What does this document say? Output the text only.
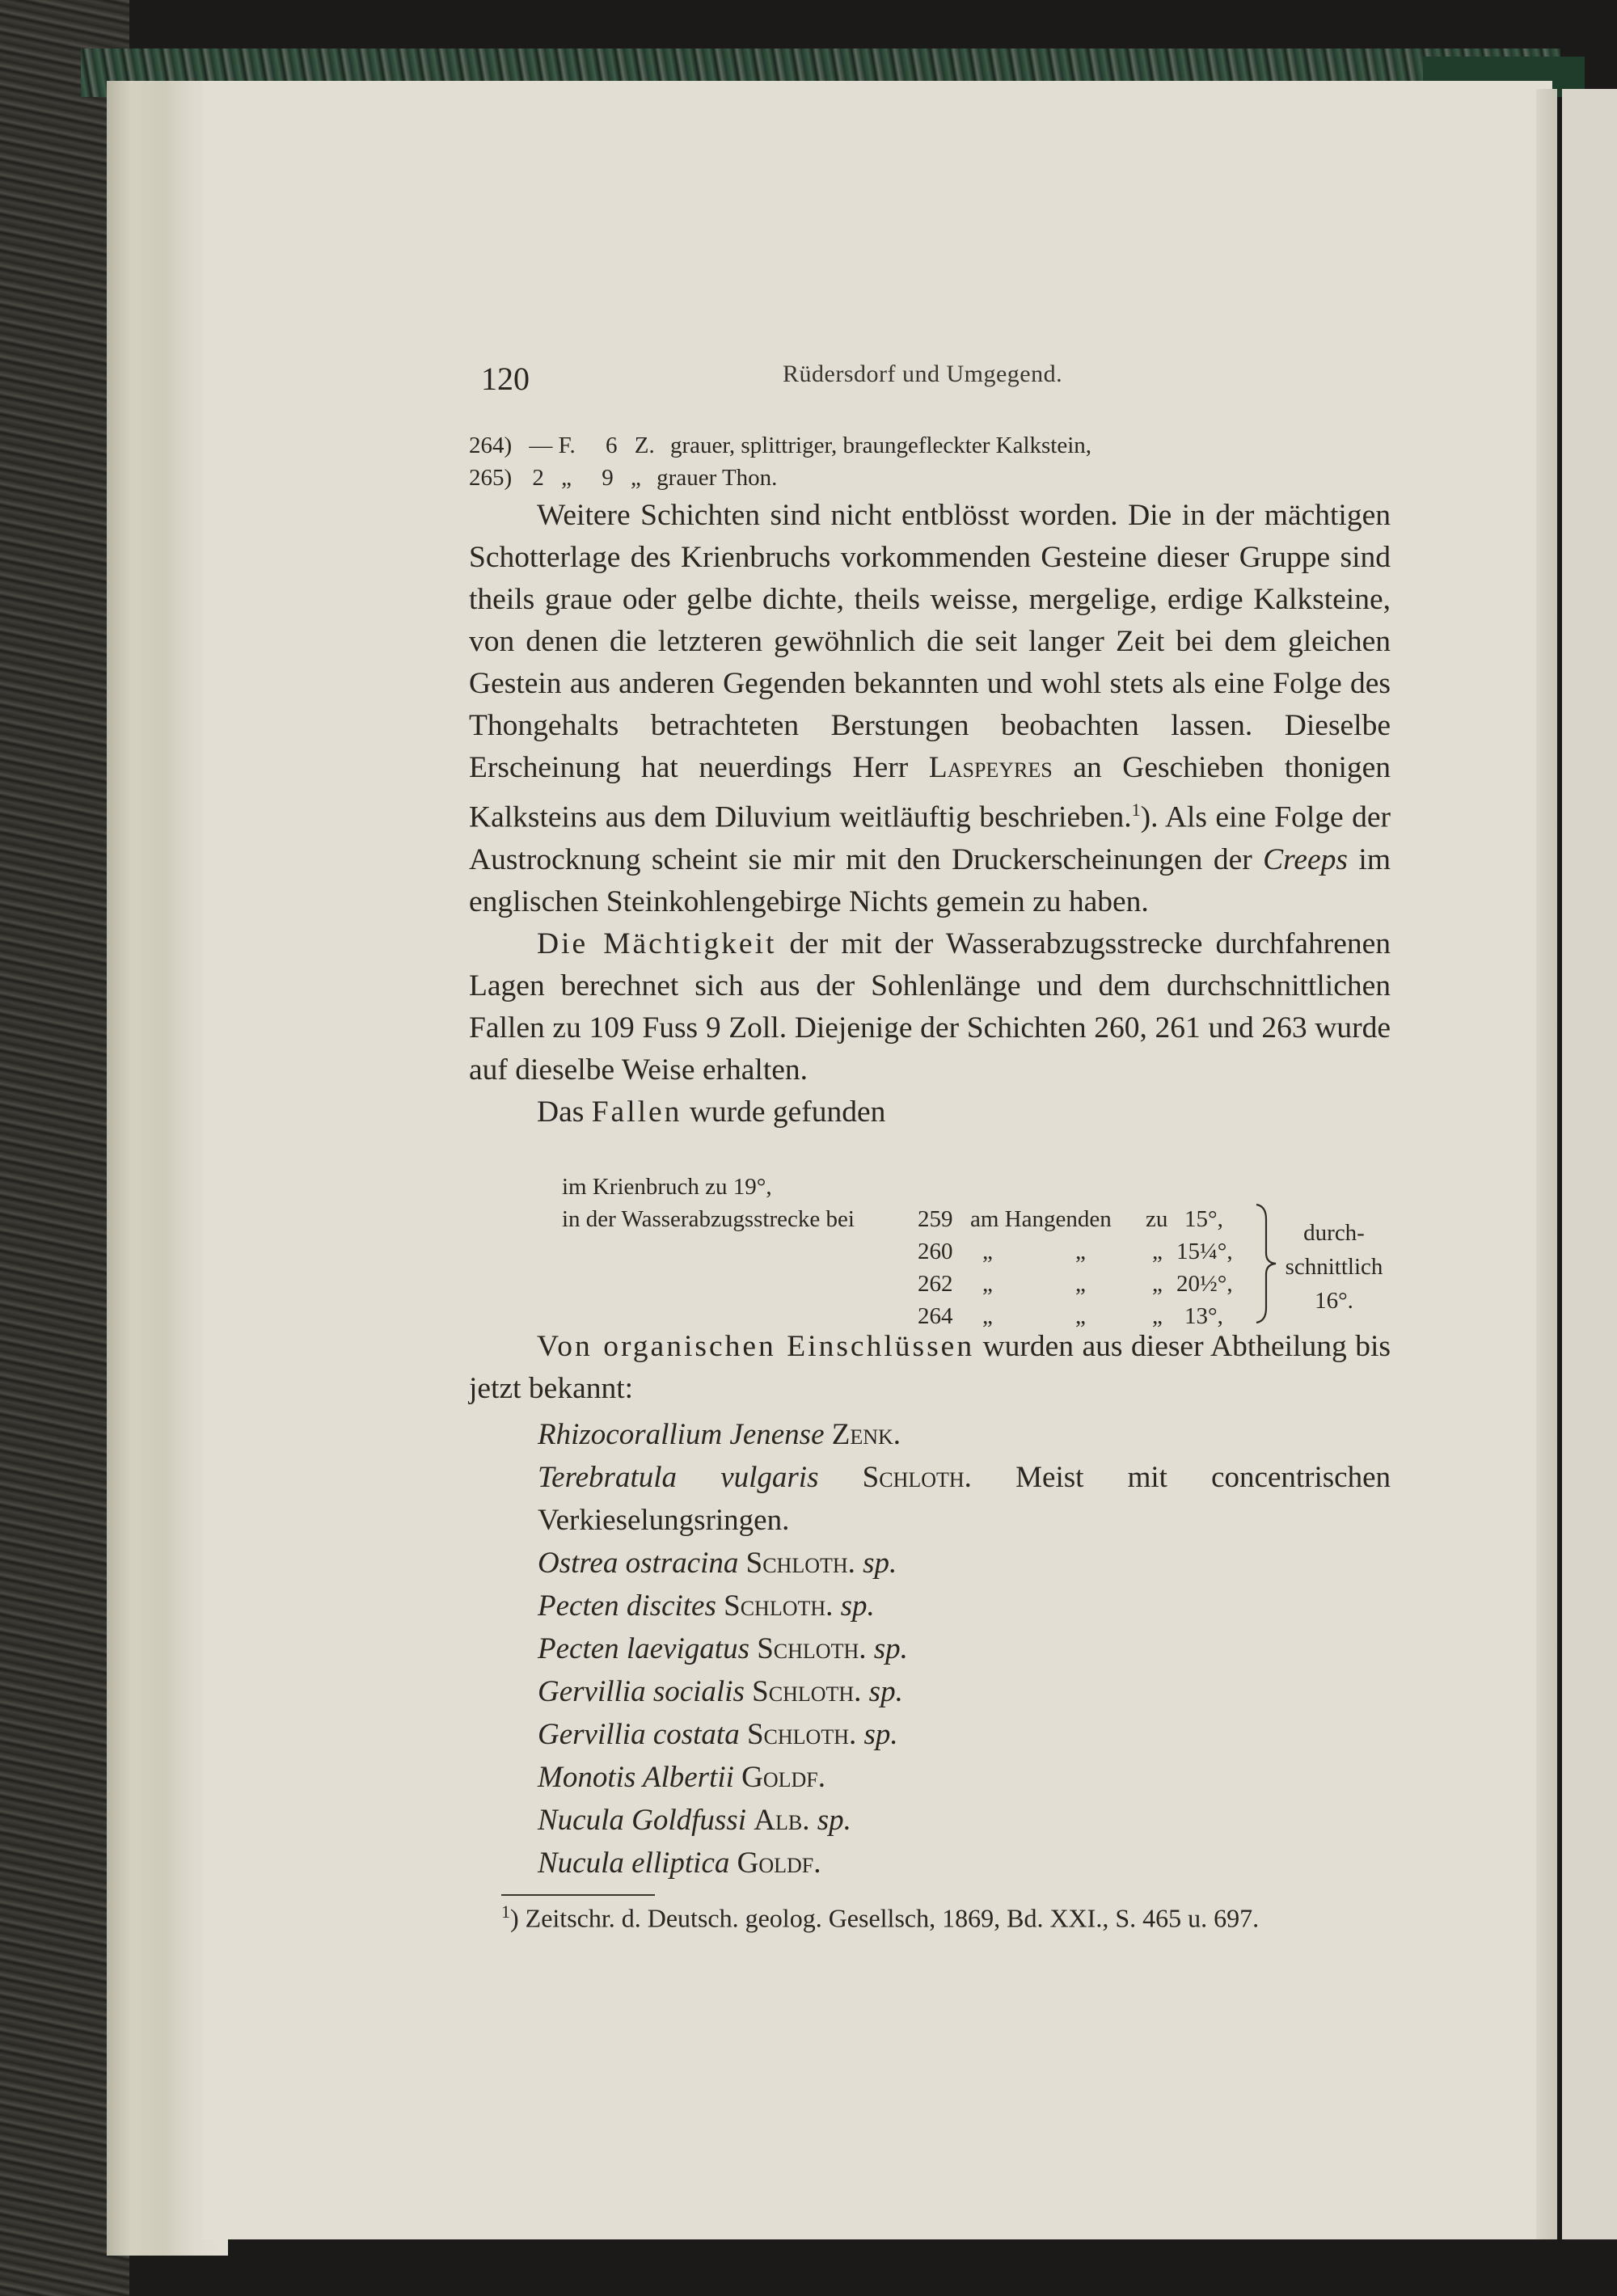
120	Rüdersdorf und Umgegend.
264) — F. 6 Z. grauer, splittriger, braungefleckter Kalkstein,
265) 2 „ 9 „ grauer Thon.

Weitere Schichten sind nicht entblösst worden. Die in der mächtigen Schotterlage des Krienbruchs vorkommenden Gesteine dieser Gruppe sind theils graue oder gelbe dichte, theils weisse, mergelige, erdige Kalksteine, von denen die letzteren gewöhnlich die seit langer Zeit bei dem gleichen Gestein aus anderen Gegenden bekannten und wohl stets als eine Folge des Thongehalts betrachteten Berstungen beobachten lassen. Dieselbe Erscheinung hat neuerdings Herr Laspeyres an Geschieben thonigen Kalksteins aus dem Diluvium weitläuftig beschrieben.$^1$). Als eine Folge der Austrocknung scheint sie mir mit den Druckerscheinungen der Creeps im englischen Steinkohlengebirge Nichts gemein zu haben.

Die Mächtigkeit der mit der Wasserabzugsstrecke durchfahrenen Lagen berechnet sich aus der Sohlenlänge und dem durchschnittlichen Fallen zu 109 Fuss 9 Zoll. Diejenige der Schichten 260, 261 und 263 wurde auf dieselbe Weise erhalten.

Das Fallen wurde gefunden

im Krienbruch zu 19°,
in der Wasserabzugsstrecke bei	259 am Hangenden zu 15°,
260 „	„	„ 15¼°,
262 „	„	„ 20½°,
264 „	„	„ 13°,
durch-
schnittlich
16°.

Von organischen Einschlüssen wurden aus dieser Abtheilung bis jetzt bekannt:

Rhizocorallium Jenense Zenk.
Terebratula vulgaris Schloth. Meist mit concentrischen Verkieselungsringen.
Ostrea ostracina Schloth. sp.
Pecten discites Schloth. sp.
Pecten laevigatus Schloth. sp.
Gervillia socialis Schloth. sp.
Gervillia costata Schloth. sp.
Monotis Albertii Goldf.
Nucula Goldfussi Alb. sp.
Nucula elliptica Goldf.
$^1$) Zeitschr. d. Deutsch. geolog. Gesellsch, 1869, Bd. XXI., S. 465 u. 697.
